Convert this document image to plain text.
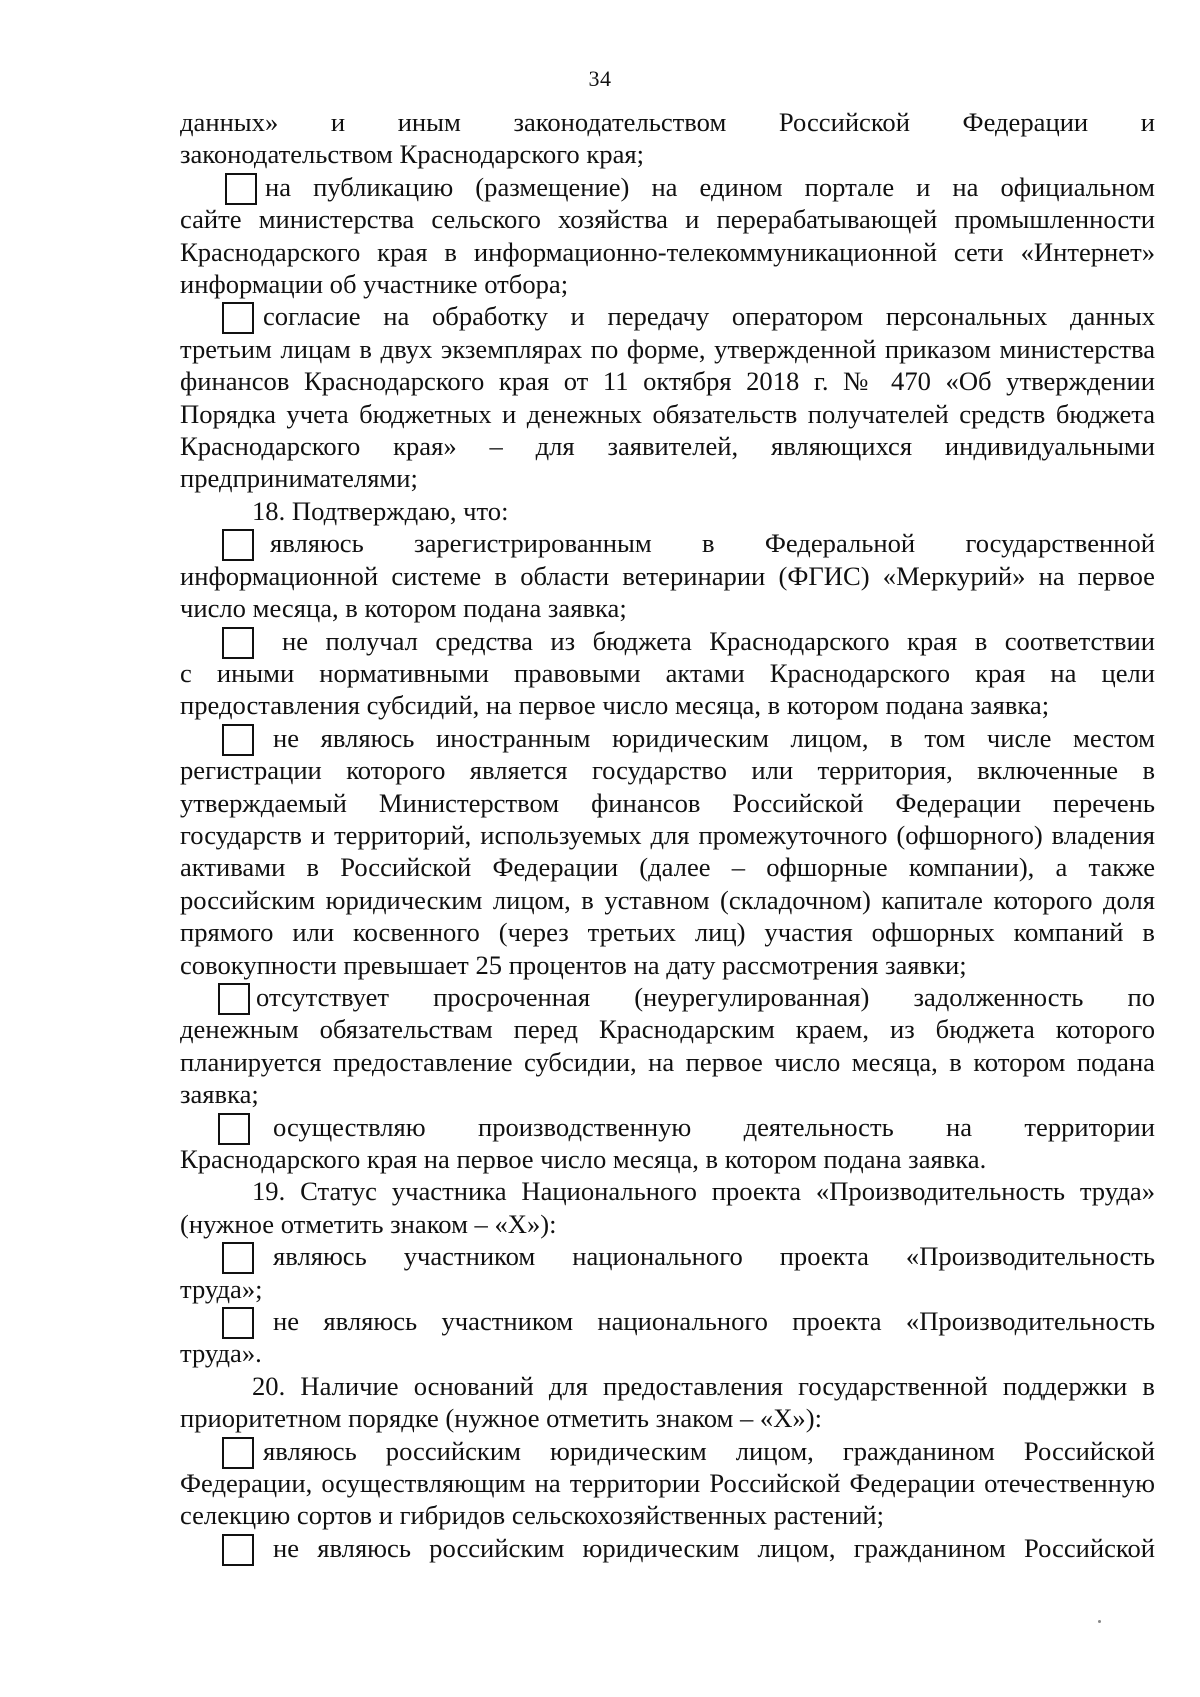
34

данных» и иным законодательством Российской Федерации и

законодательством Краснодарского края;

на публикацию (размещение) на едином портале и на официальном

сайте министерства сельского хозяйства и перерабатывающей промышленности Краснодарского края в информационно-телекоммуникационной сети «Интернет» информации об участнике отбора;

согласие на обработку и передачу оператором персональных данных

третьим лицам в двух экземплярах по форме, утвержденной приказом министерства финансов Краснодарского края от 11 октября 2018 г. № 470 «Об утверждении Порядка учета бюджетных и денежных обязательств получателей средств бюджета Краснодарского края» – для заявителей, являющихся индивидуальными предпринимателями;

18. Подтверждаю, что:

являюсь зарегистрированным в Федеральной государственной

информационной системе в области ветеринарии (ФГИС) «Меркурий» на первое число месяца, в котором подана заявка;

не получал средства из бюджета Краснодарского края в соответствии

с иными нормативными правовыми актами Краснодарского края на цели предоставления субсидий, на первое число месяца, в котором подана заявка;

не являюсь иностранным юридическим лицом, в том числе местом

регистрации которого является государство или территория, включенные в утверждаемый Министерством финансов Российской Федерации перечень государств и территорий, используемых для промежуточного (офшорного) владения активами в Российской Федерации (далее – офшорные компании), а также российским юридическим лицом, в уставном (складочном) капитале которого доля прямого или косвенного (через третьих лиц) участия офшорных компаний в совокупности превышает 25 процентов на дату рассмотрения заявки;

отсутствует просроченная (неурегулированная) задолженность по

денежным обязательствам перед Краснодарским краем, из бюджета которого планируется предоставление субсидии, на первое число месяца, в котором подана заявка;

осуществляю производственную деятельность на территории

Краснодарского края на первое число месяца, в котором подана заявка.

19. Статус участника Национального проекта «Производительность труда» (нужное отметить знаком – «Х»):

являюсь участником национального проекта «Производительность

труда»;

не являюсь участником национального проекта «Производительность

труда».

20. Наличие оснований для предоставления государственной поддержки в приоритетном порядке (нужное отметить знаком – «Х»):

являюсь российским юридическим лицом, гражданином Российской

Федерации, осуществляющим на территории Российской Федерации отечественную селекцию сортов и гибридов сельскохозяйственных растений;

не являюсь российским юридическим лицом, гражданином Российской
